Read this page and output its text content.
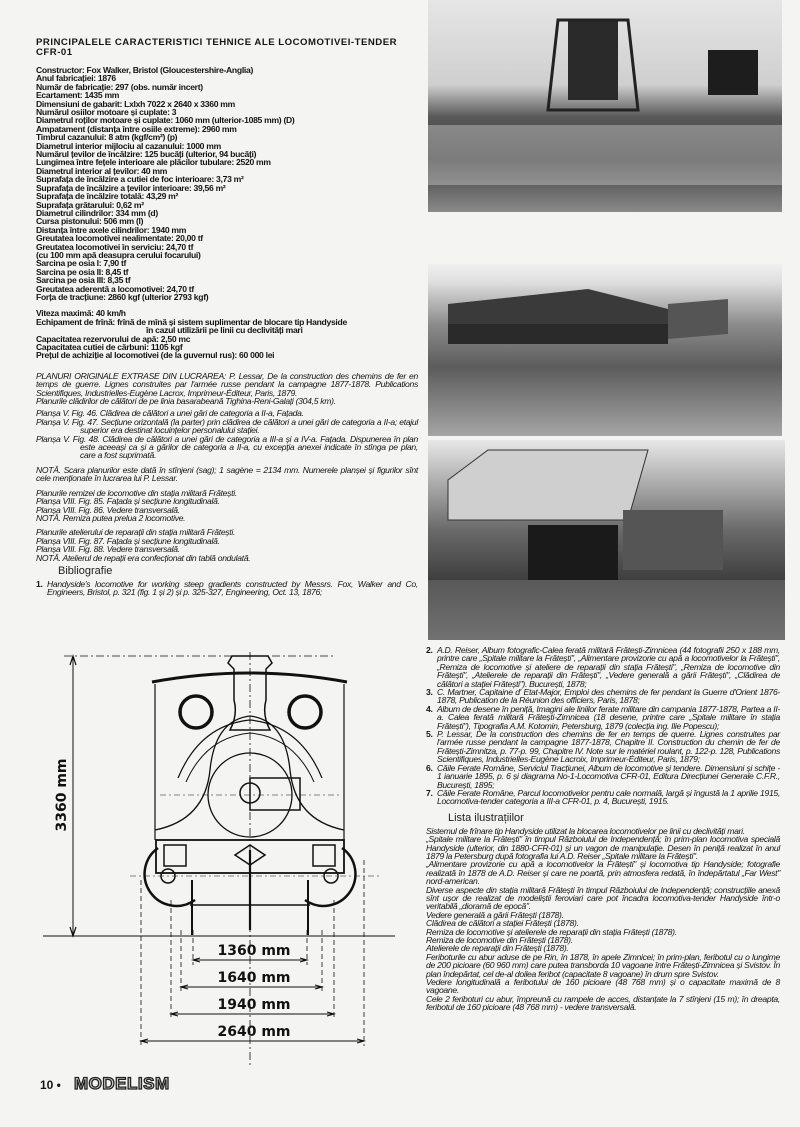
PRINCIPALELE CARACTERISTICI TEHNICE ALE LOCOMOTIVEI-TENDER CFR-01
Constructor: Fox Walker, Bristol (Gloucestershire-Anglia)
Anul fabricației: 1876
Număr de fabricație: 297 (obs. număr incert)
Ecartament: 1435 mm
Dimensiuni de gabarit: Lxlxh 7022 x 2640 x 3360 mm
Numărul osiilor motoare și cuplate: 3
Diametrul roților motoare și cuplate: 1060 mm (ulterior-1085 mm) (D)
Ampatament (distanța între osiile extreme): 2960 mm
Timbrul cazanului: 8 atm (kgf/cm²) (p)
Diametrul interior mijlociu al cazanului: 1000 mm
Numărul țevilor de încălzire: 125 bucăți (ulterior, 94 bucăți)
Lungimea între fețele interioare ale plăcilor tubulare: 2520 mm
Diametrul interior al țevilor: 40 mm
Suprafața de încălzire a cutiei de foc interioare: 3,73 m²
Suprafața de încălzire a țevilor interioare: 39,56 m²
Suprafața de încălzire totală: 43,29 m²
Suprafața grătarului: 0,62 m²
Diametrul cilindrilor: 334 mm (d)
Cursa pistonului: 506 mm (l)
Distanța între axele cilindrilor: 1940 mm
Greutatea locomotivei nealimentate: 20,00 tf
Greutatea locomotivei în serviciu: 24,70 tf
(cu 100 mm apă deasupra cerului focarului)
Sarcina pe osia I: 7,90 tf
Sarcina pe osia II: 8,45 tf
Sarcina pe osia III: 8,35 tf
Greutatea aderentă a locomotivei: 24,70 tf
Forța de tracțiune: 2860 kgf (ulterior 2793 kgf)
Viteza maximă: 40 km/h
Echipament de frînă: frînă de mînă și sistem suplimentar de blocare tip Handyside
în cazul utilizării pe linii cu declivități mari
Capacitatea rezervorului de apă: 2,50 mc
Capacitatea cutiei de cărbuni: 1105 kgf
Prețul de achiziție al locomotivei (de la guvernul rus): 60 000 lei
PLANURI ORIGINALE EXTRASE DIN LUCRAREA: P. Lessar, De la construction des chemins de fer en temps de guerre. Lignes construites par l'armée russe pendant la campagne 1877-1878. Publications Scientifiques, Industrielles-Eugène Lacrox, Imprimeur-Éditeur, Paris, 1879.
Planurile clădirilor de călători de pe linia basarabeană Tighina-Reni-Galați (304,5 km).
Planșa V. Fig. 46. Clădirea de călători a unei gări de categoria a II-a, Fațada.
Planșa V. Fig. 47. Secțiune orizontală (la parter) prin clădirea de călători a unei gări de categoria a II-a; etajul superior era destinat locuințelor personalului stației.
Planșa V. Fig. 48. Clădirea de călători a unei gări de categoria a III-a și a IV-a. Fațada. Dispunerea în plan este aceeași ca și a gărilor de categoria a II-a, cu excepția anexei indicate în stînga pe plan, care a fost suprimată.
NOTĂ. Scara planurilor este dată în stînjeni (sag); 1 sagène = 2134 mm. Numerele planșei și figurilor sînt cele menționate în lucrarea lui P. Lessar.
Planurile remizei de locomotive din stația militară Frătești.
Planșa VIII. Fig. 85. Fațada și secțiune longitudinală.
Planșa VIII. Fig. 86. Vedere transversală.
NOTĂ. Remiza putea prelua 2 locomotive.
Planurile atelierului de reparații din stația militară Frătești.
Planșa VIII. Fig. 87. Fațada și secțiune longitudinală.
Planșa VIII. Fig. 88. Vedere transversală.
NOTĂ. Atelierul de repații era confecționat din tablă ondulată.
Bibliografie
1. Handyside's locomotive for working steep gradients constructed by Messrs. Fox, Walker and Co, Engineers, Bristol, p. 321 (fig. 1 și 2) și p. 325-327, Engineering, Oct. 13, 1876;
3360 mm
1360 mm
1640 mm
1940 mm
2640 mm
10 • MODELISM
2. A.D. Reiser, Album fotografic-Calea ferată militară Frătești-Zimnicea (44 fotografii 250 x 188 mm, printre care „Spitale militare la Frătești", „Alimentare provizorie cu apă a locomotivelor la Frătești", „Remiza de locomotive și ateliere de reparații din stația Frătești", „Remiza de locomotive din Frătești", „Atelierele de reparații din Frătești", „Vedere generală a gării Frătești", „Clădirea de călători a stației Frătești"). București, 1878;
3. C. Martner, Capitaine d' Etat-Major, Emploi des chemins de fer pendant la Guerre d'Orient 1876-1878, Publication de la Réunion des officiers, Paris, 1878;
4. Album de desene în peniță, Imagini ale liniilor ferate militare din campania 1877-1878, Partea a II-a. Calea ferată militară Frătești-Zimnicea (18 desene, printre care „Spitale militare în stația Frătești"), Tipografia A.M. Kotomin, Petersburg, 1879 (colecția ing. Ilie Popescu);
5. P. Lessar, De la construction des chemins de fer en temps de querre. Lignes construites par l'armée russe pendant la campagne 1877-1878, Chapitre II. Construction du chemin de fer de Frătești-Zimnitza, p. 77-p. 99, Chapitre IV. Note sur le matériel roulant, p. 122-p. 128, Publications Scientifiques, Industrielles-Eugène Lacroix, Imprimeur-Éditeur, Paris, 1879;
6. Căile Ferate Române, Serviciul Tracțiunei, Album de locomotive și tendere. Dimensiuni și schițe - 1 ianuarie 1895, p. 6 și diagrama No-1-Locomotiva CFR-01, Editura Direcțiunei Generale C.F.R., București, 1895;
7. Căile Ferate Române, Parcul locomotivelor pentru cale normală, largă și îngustă la 1 aprilie 1915, Locomotiva-tender categoria a III-a CFR-01, p. 4, București, 1915.
Lista ilustrațiilor
Sistemul de frînare tip Handyside utilizat la blocarea locomotivelor pe linii cu declivități mari.
„Spitale militare la Frătești" în timpul Războiului de Independență; în prim-plan locomotiva specială Handyside (ulterior, din 1880-CFR-01) și un vagon de manipulație. Desen în peniță realizat în anul 1879 la Petersburg după fotografia lui A.D. Reiser „Spitale militare la Frătești".
„Alimentare provizorie cu apă a locomotivelor la Frătești" și locomotiva tip Handyside; fotografie realizată în 1878 de A.D. Reiser și care ne poartă, prin atmosfera redată, în îndepărtatul „Far West" nord-american.
Diverse aspecte din stația militară Frătești în timpul Războiului de Independență; construcțiile anexă sînt ușor de realizat de modeliștii feroviari care pot încadra locomotiva-tender Handyside într-o veritabilă „dioramă de epocă".
Vedere generală a gării Frătești (1878).
Clădirea de călători a stației Frătești (1878).
Remiza de locomotive și atelierele de reparații din stația Frătești (1878).
Remiza de locomotive din Frătești (1878).
Atelierele de reparații din Frătești (1878).
Feriboturile cu abur aduse de pe Rin, în 1878, în apele Zimnicei; în prim-plan, feribotul cu o lungime de 200 picioare (60 960 mm) care putea transborda 10 vagoane între Frătești-Zimnicea și Svistov. În plan îndepărtat, cel de-al doilea feribot (capacitate 8 vagoane) în drum spre Svistov.
Vedere longitudinală a feribotului de 160 picioare (48 768 mm) și o capacitate maximă de 8 vagoane.
Cele 2 feriboturi cu abur, împreună cu rampele de acces, distanțate la 7 stînjeni (15 m); în dreapta, feribotul de 160 picioare (48 768 mm) - vedere transversală.
